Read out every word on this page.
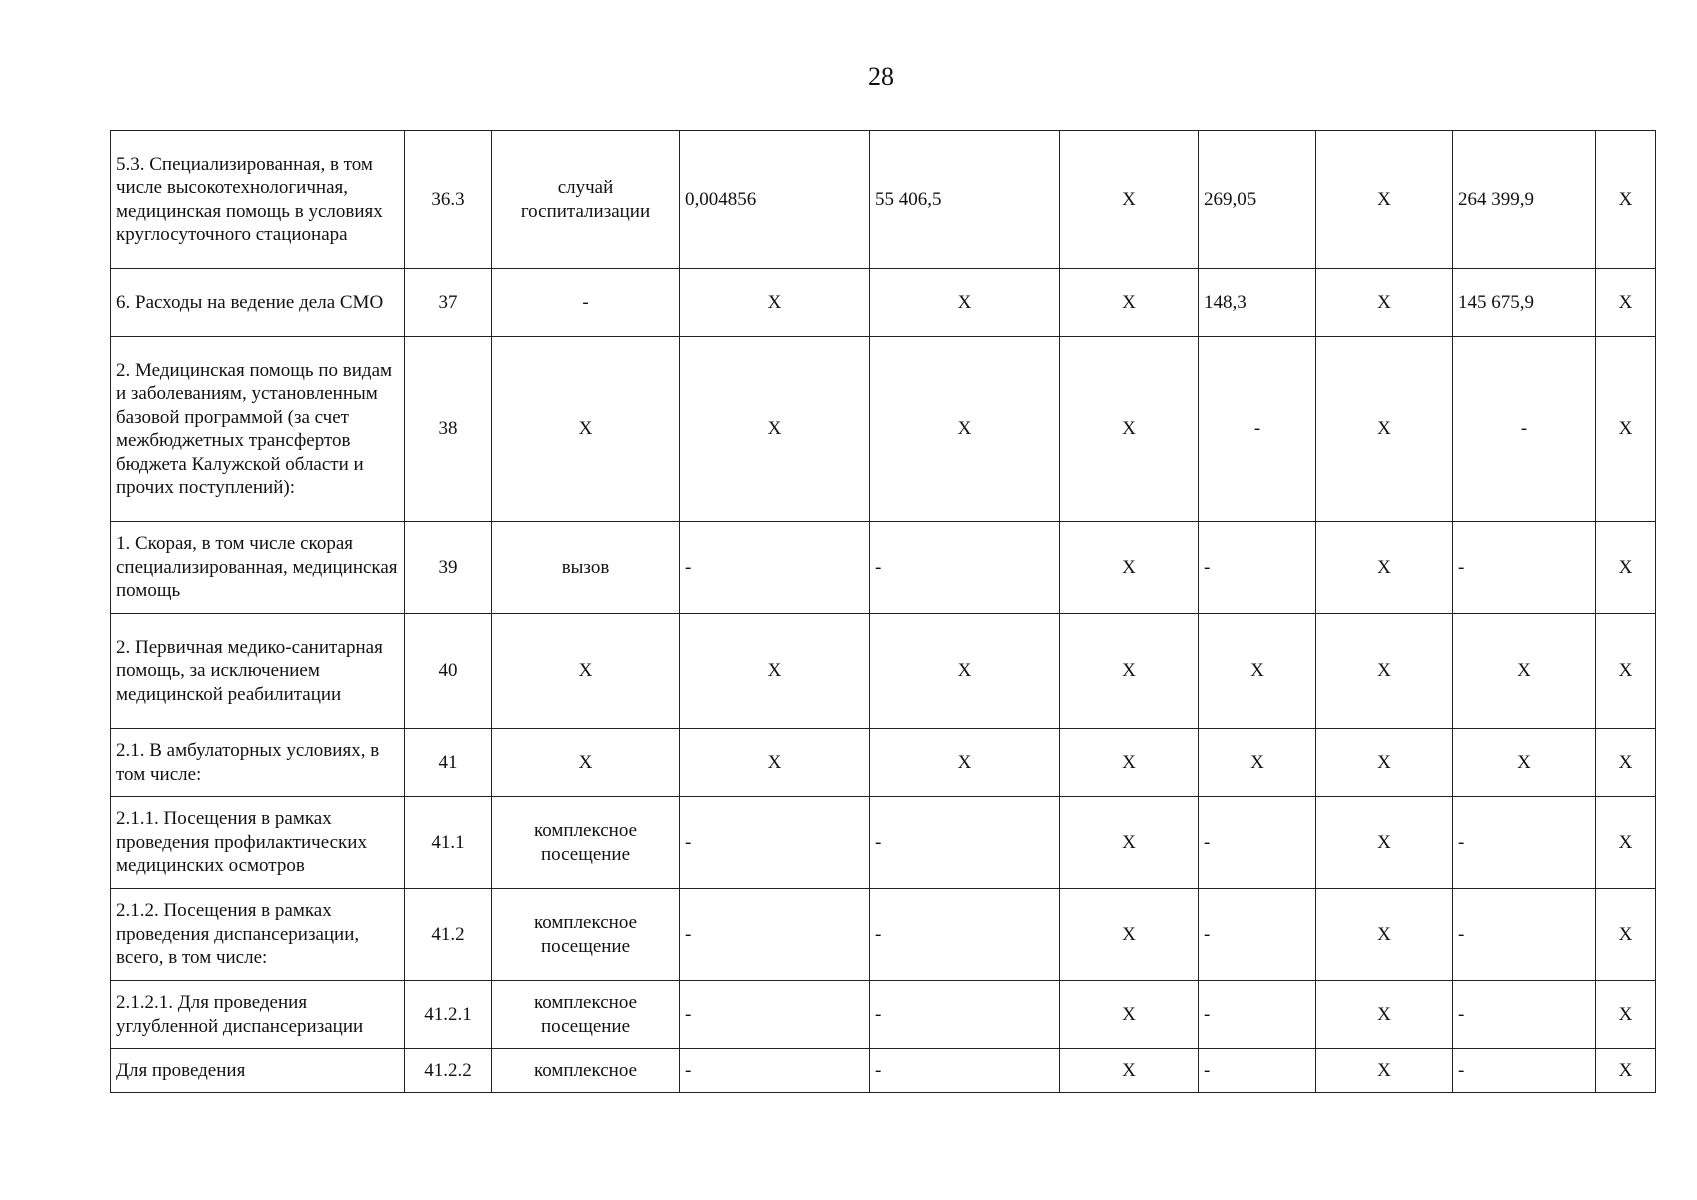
28
5.3. Специализированная, в том числе высокотехнологичная, медицинская помощь в условиях круглосуточного стационара	36.3	случай госпитализации	0,004856	55 406,5	X	269,05	X	264 399,9	X
6. Расходы на ведение дела СМО	37	-	X	X	X	148,3	X	145 675,9	X
2. Медицинская помощь по видам и заболеваниям, установленным базовой программой (за счет межбюджетных трансфертов бюджета Калужской области и прочих поступлений):	38	X	X	X	X	-	X	-	X
1. Скорая, в том числе скорая специализированная, медицинская помощь	39	вызов	-	-	X	-	X	-	X
2. Первичная медико-санитарная помощь, за исключением медицинской реабилитации	40	X	X	X	X	X	X	X	X
2.1. В амбулаторных условиях, в том числе:	41	X	X	X	X	X	X	X	X
2.1.1. Посещения в рамках проведения профилактических медицинских осмотров	41.1	комплексное посещение	-	-	X	-	X	-	X
2.1.2. Посещения в рамках проведения диспансеризации, всего, в том числе:	41.2	комплексное посещение	-	-	X	-	X	-	X
2.1.2.1. Для проведения углубленной диспансеризации	41.2.1	комплексное посещение	-	-	X	-	X	-	X
Для проведения	41.2.2	комплексное	-	-	X	-	X	-	X
